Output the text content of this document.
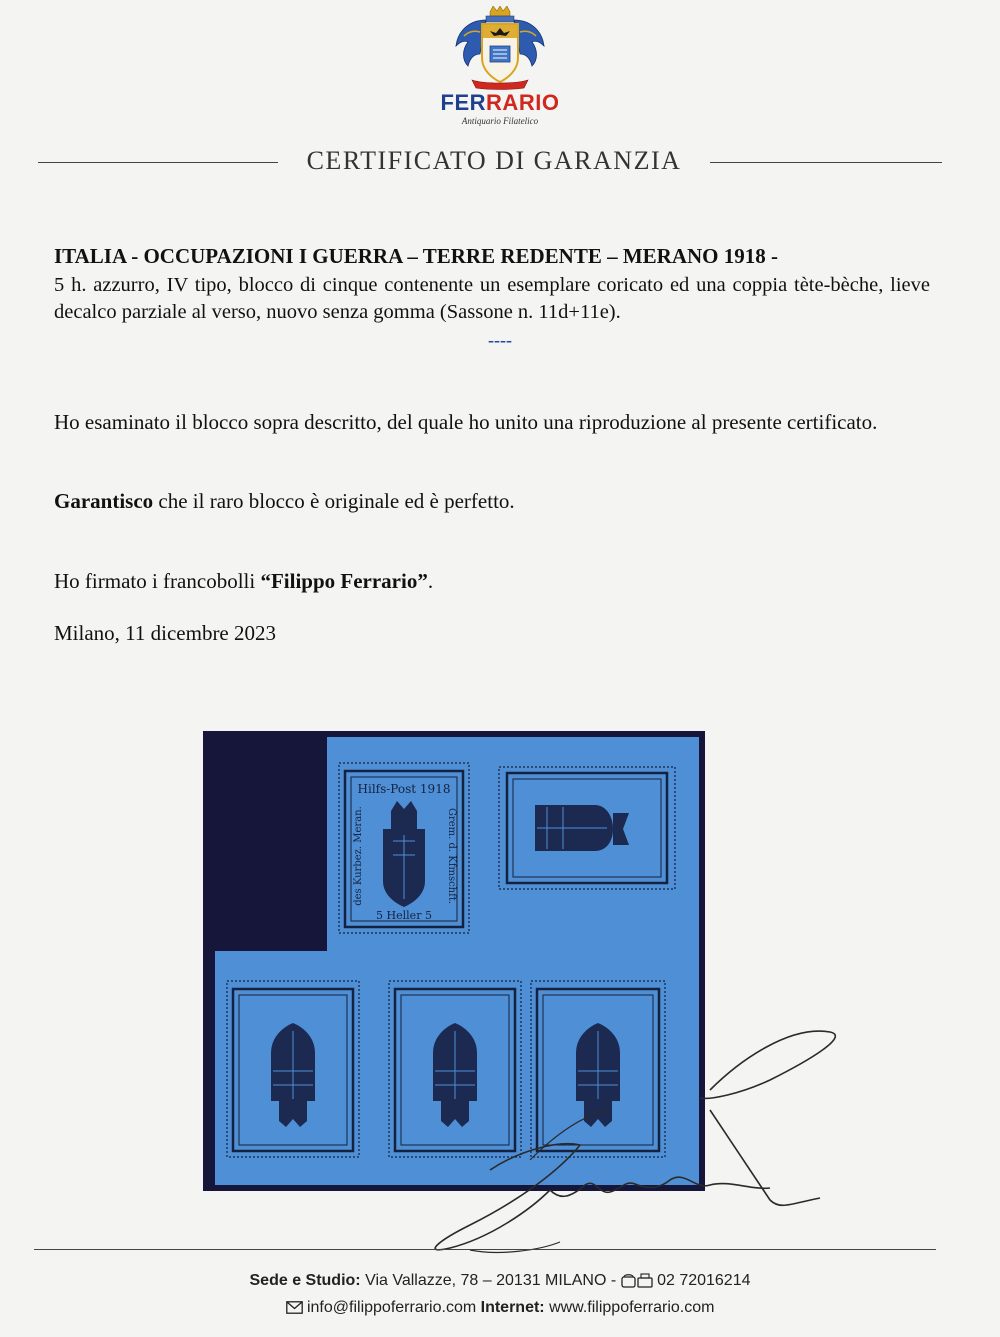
FERRARIO
Antiquario Filatelico
CERTIFICATO DI GARANZIA
ITALIA - OCCUPAZIONI I GUERRA – TERRE REDENTE – MERANO 1918 -
5 h. azzurro, IV tipo, blocco di cinque contenente un esemplare coricato ed una coppia tète-bèche, lieve decalco parziale al verso, nuovo senza gomma (Sassone n. 11d+11e).
----
Ho esaminato il blocco sopra descritto, del quale ho unito una riproduzione al presente certificato.
Garantisco che il raro blocco è originale ed è perfetto.
Ho firmato i francobolli “Filippo Ferrario”.
Milano, 11 dicembre 2023
Hilfs-Post 1918
5 Heller 5
des Kurbez. Meran.	Grem. d. Kfmschft.
Sede e Studio: Via Vallazze, 78 – 20131 MILANO -  02 72016214
info@filippoferrario.com Internet: www.filippoferrario.com
